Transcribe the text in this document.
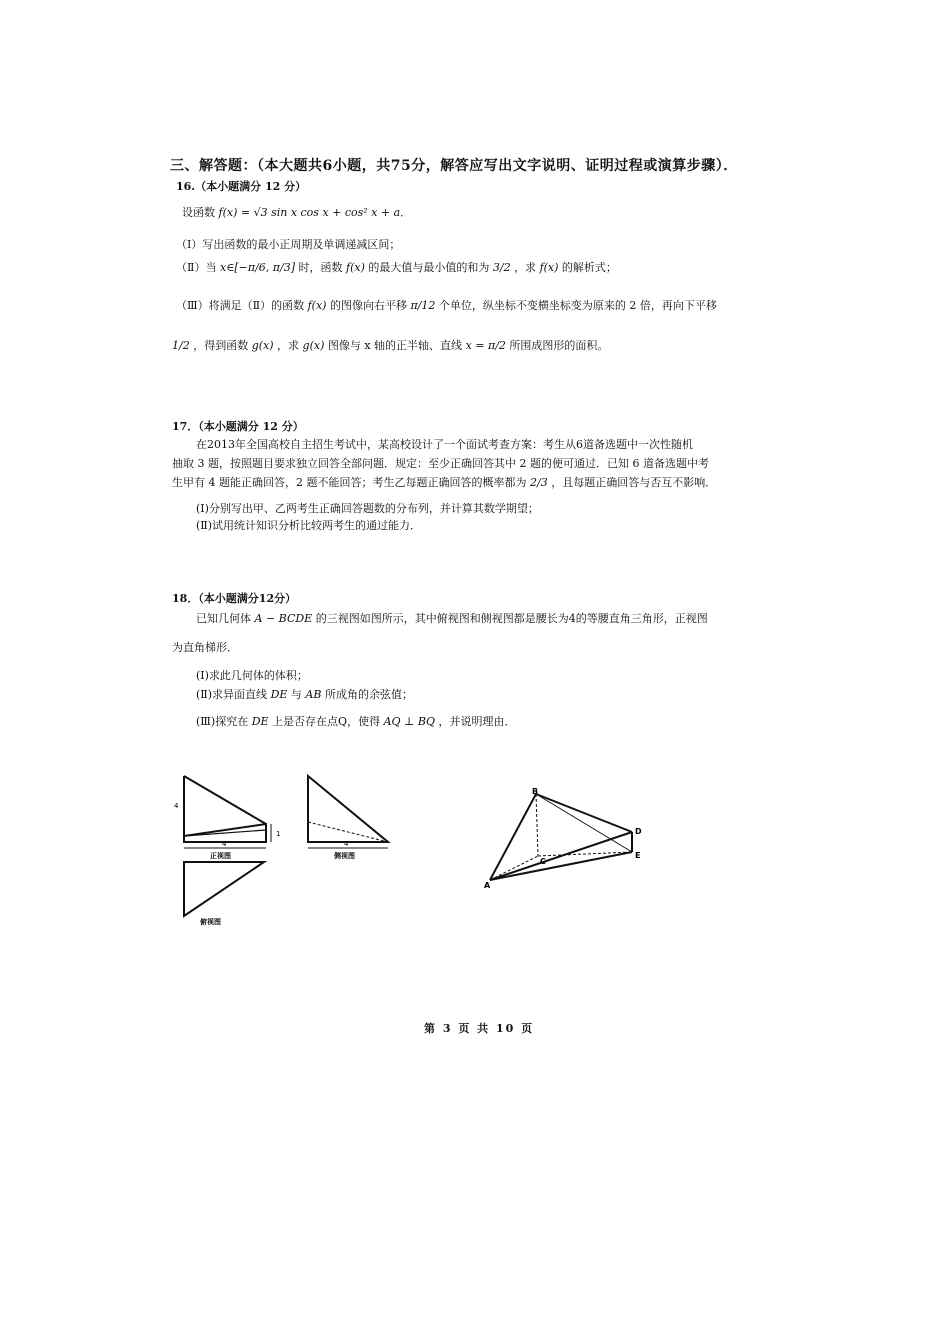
三、解答题：（本大题共6小题，共75分，解答应写出文字说明、证明过程或演算步骤）．
16.（本小题满分 12 分）
设函数 f(x) = √3 sin x cos x + cos² x + a．
（Ⅰ）写出函数的最小正周期及单调递减区间；
（Ⅱ）当 x∈[−π/6, π/3] 时，函数 f(x) 的最大值与最小值的和为 3/2 ，求 f(x) 的解析式；
（Ⅲ）将满足（Ⅱ）的函数 f(x) 的图像向右平移 π/12 个单位，纵坐标不变横坐标变为原来的 2 倍，再向下平移
1/2 ，得到函数 g(x) ，求 g(x) 图像与 x 轴的正半轴、直线 x = π/2 所围成图形的面积。
17．（本小题满分 12 分）
在2013年全国高校自主招生考试中，某高校设计了一个面试考查方案：考生从6道备选题中一次性随机
抽取 3 题，按照题目要求独立回答全部问题．规定：至少正确回答其中 2 题的便可通过．已知 6 道备选题中考
生甲有 4 题能正确回答，2 题不能回答；考生乙每题正确回答的概率都为 2/3 ，且每题正确回答与否互不影响．
(Ⅰ)分别写出甲、乙两考生正确回答题数的分布列，并计算其数学期望；
(Ⅱ)试用统计知识分析比较两考生的通过能力．
18．（本小题满分12分）
已知几何体 A − BCDE 的三视图如图所示，其中俯视图和侧视图都是腰长为4的等腰直角三角形，正视图
为直角梯形．
(Ⅰ)求此几何体的体积；
(Ⅱ)求异面直线 DE 与 AB 所成角的余弦值；
(Ⅲ)探究在 DE 上是否存在点Q，使得 AQ ⊥ BQ ，并说明理由．
4
4
1
正视图
4
侧视图
俯视图
A
B
C
D
E
第 3 页 共 10 页
